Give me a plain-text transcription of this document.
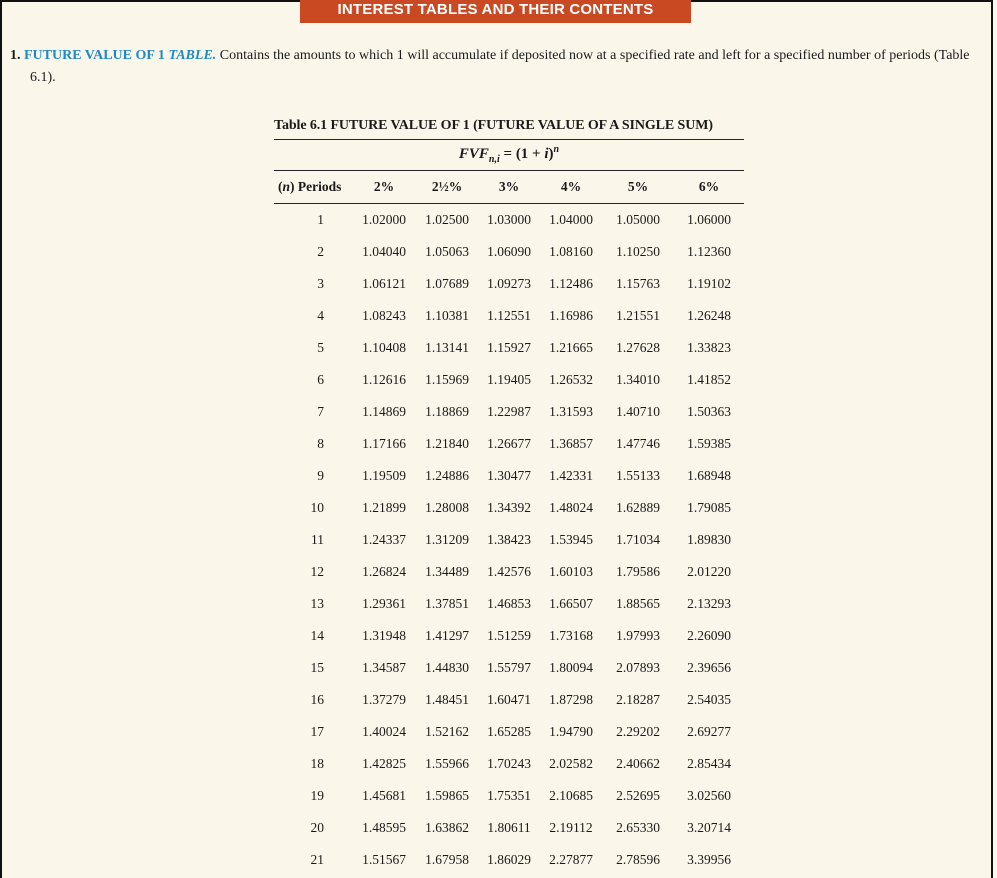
INTEREST TABLES AND THEIR CONTENTS
1. FUTURE VALUE OF 1 TABLE. Contains the amounts to which 1 will accumulate if deposited now at a specified rate and left for a specified number of periods (Table
6.1).
Table 6.1 FUTURE VALUE OF 1 (FUTURE VALUE OF A SINGLE SUM)
$FVF_{n,i} = (1 + i)^n$
(n) Periods	2%	2½%	3%	4%	5%	6%
1	1.02000	1.02500	1.03000	1.04000	1.05000	1.06000
2	1.04040	1.05063	1.06090	1.08160	1.10250	1.12360
3	1.06121	1.07689	1.09273	1.12486	1.15763	1.19102
4	1.08243	1.10381	1.12551	1.16986	1.21551	1.26248
5	1.10408	1.13141	1.15927	1.21665	1.27628	1.33823
6	1.12616	1.15969	1.19405	1.26532	1.34010	1.41852
7	1.14869	1.18869	1.22987	1.31593	1.40710	1.50363
8	1.17166	1.21840	1.26677	1.36857	1.47746	1.59385
9	1.19509	1.24886	1.30477	1.42331	1.55133	1.68948
10	1.21899	1.28008	1.34392	1.48024	1.62889	1.79085
11	1.24337	1.31209	1.38423	1.53945	1.71034	1.89830
12	1.26824	1.34489	1.42576	1.60103	1.79586	2.01220
13	1.29361	1.37851	1.46853	1.66507	1.88565	2.13293
14	1.31948	1.41297	1.51259	1.73168	1.97993	2.26090
15	1.34587	1.44830	1.55797	1.80094	2.07893	2.39656
16	1.37279	1.48451	1.60471	1.87298	2.18287	2.54035
17	1.40024	1.52162	1.65285	1.94790	2.29202	2.69277
18	1.42825	1.55966	1.70243	2.02582	2.40662	2.85434
19	1.45681	1.59865	1.75351	2.10685	2.52695	3.02560
20	1.48595	1.63862	1.80611	2.19112	2.65330	3.20714
21	1.51567	1.67958	1.86029	2.27877	2.78596	3.39956
